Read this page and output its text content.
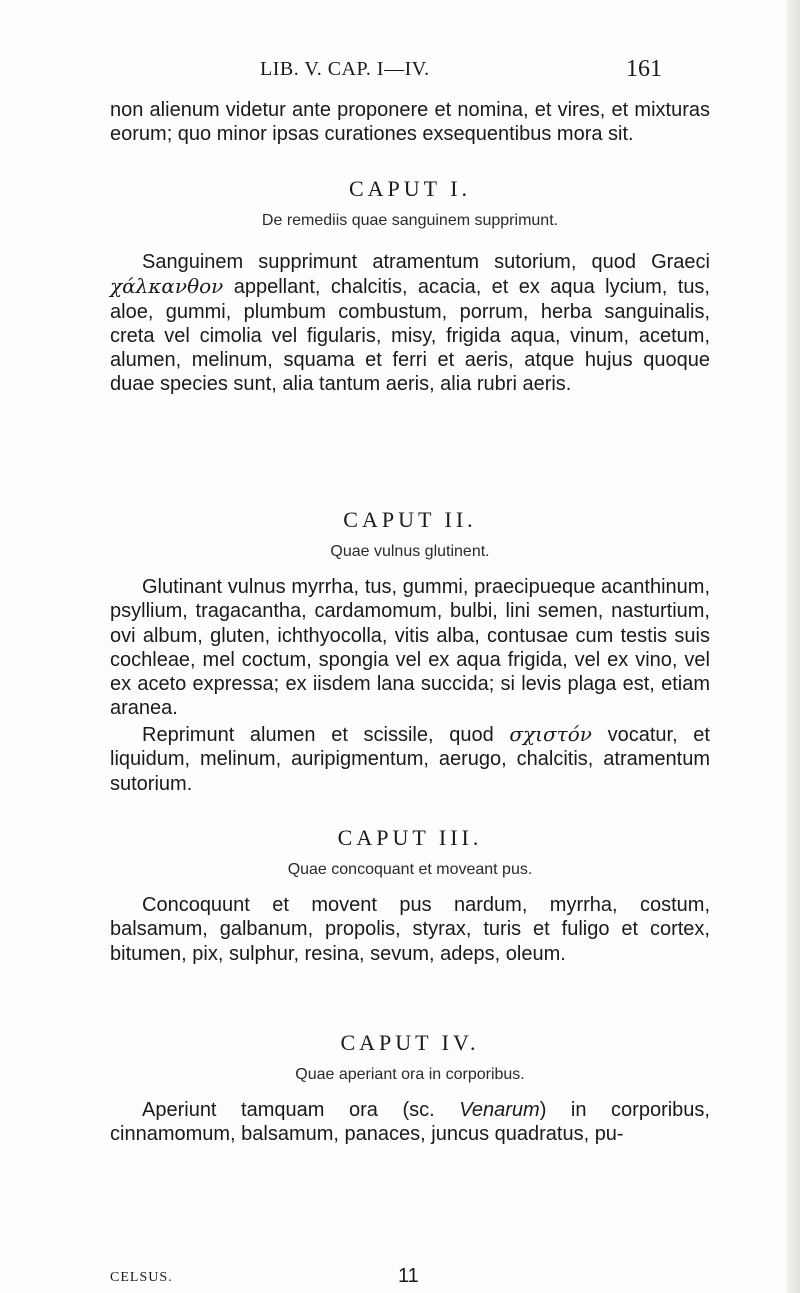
LIB. V. CAP. I—IV.	161
non alienum videtur ante proponere et nomina, et vires, et mixturas eorum; quo minor ipsas curationes exsequentibus mora sit.
CAPUT I.
De remediis quae sanguinem supprimunt.
Sanguinem supprimunt atramentum sutorium, quod Graeci χάλκανθον appellant, chalcitis, acacia, et ex aqua lycium, tus, aloe, gummi, plumbum combustum, porrum, herba sanguinalis, creta vel cimolia vel figularis, misy, frigida aqua, vinum, acetum, alumen, melinum, squama et ferri et aeris, atque hujus quoque duae species sunt, alia tantum aeris, alia rubri aeris.
CAPUT II.
Quae vulnus glutinent.
Glutinant vulnus myrrha, tus, gummi, praecipueque acanthinum, psyllium, tragacantha, cardamomum, bulbi, lini semen, nasturtium, ovi album, gluten, ichthyocolla, vitis alba, contusae cum testis suis cochleae, mel coctum, spongia vel ex aqua frigida, vel ex vino, vel ex aceto expressa; ex iisdem lana succida; si levis plaga est, etiam aranea.
Reprimunt alumen et scissile, quod σχιστόν vocatur, et liquidum, melinum, auripigmentum, aerugo, chalcitis, atramentum sutorium.
CAPUT III.
Quae concoquant et moveant pus.
Concoquunt et movent pus nardum, myrrha, costum, balsamum, galbanum, propolis, styrax, turis et fuligo et cortex, bitumen, pix, sulphur, resina, sevum, adeps, oleum.
CAPUT IV.
Quae aperiant ora in corporibus.
Aperiunt tamquam ora (sc. Venarum) in corporibus, cinnamomum, balsamum, panaces, juncus quadratus, pu-
CELSUS.	11
